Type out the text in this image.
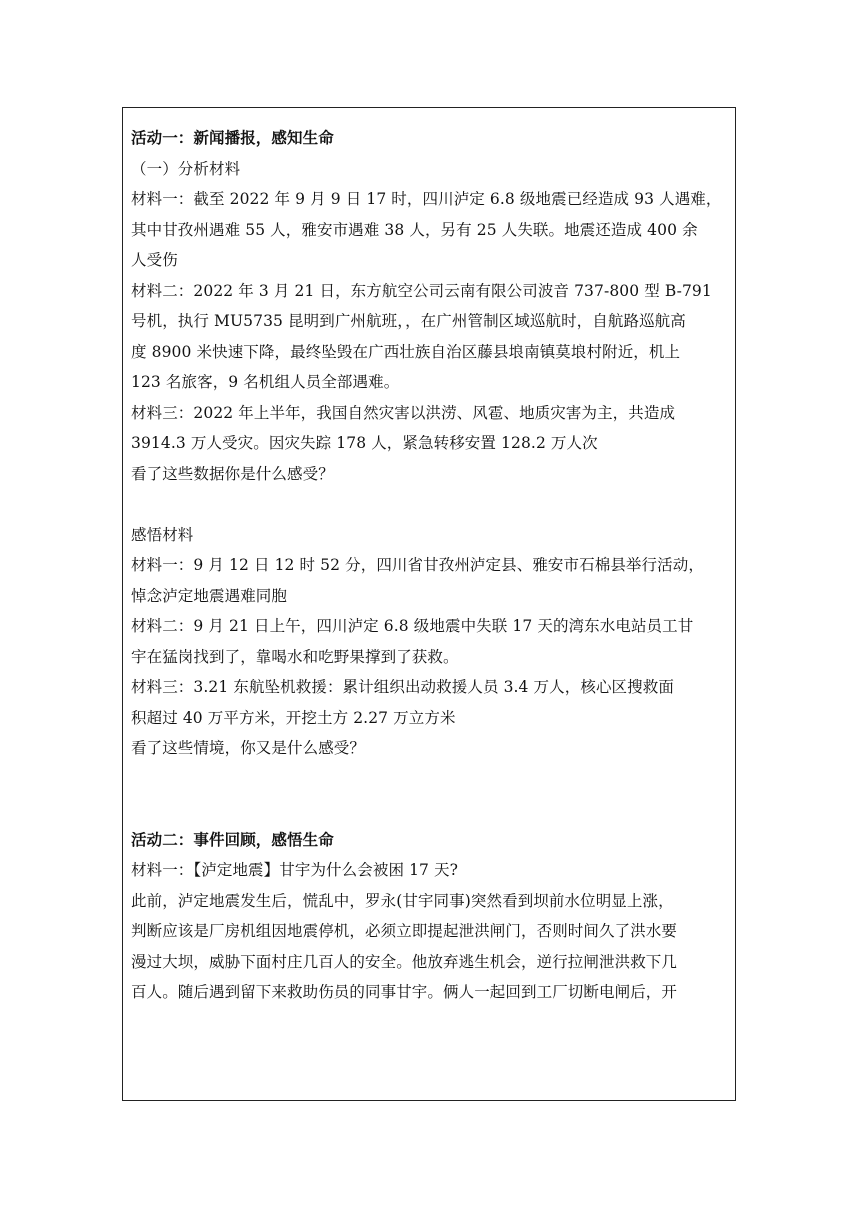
活动一：新闻播报，感知生命
（一）分析材料
材料一：截至 2022 年 9 月 9 日 17 时，四川泸定 6.8 级地震已经造成 93 人遇难，
其中甘孜州遇难 55 人，雅安市遇难 38 人，另有 25 人失联。地震还造成 400 余
人受伤
材料二：2022 年 3 月 21 日，东方航空公司云南有限公司波音 737-800 型 B-791
号机，执行 MU5735 昆明到广州航班，，在广州管制区域巡航时，自航路巡航高
度 8900 米快速下降，最终坠毁在广西壮族自治区藤县埌南镇莫埌村附近，机上
123 名旅客，9 名机组人员全部遇难。
材料三：2022 年上半年，我国自然灾害以洪涝、风雹、地质灾害为主，共造成
3914.3 万人受灾。因灾失踪 178 人，紧急转移安置 128.2 万人次
看了这些数据你是什么感受？
感悟材料
材料一：9 月 12 日 12 时 52 分，四川省甘孜州泸定县、雅安市石棉县举行活动，
悼念泸定地震遇难同胞
材料二：9 月 21 日上午，四川泸定 6.8 级地震中失联 17 天的湾东水电站员工甘
宇在猛岗找到了，靠喝水和吃野果撑到了获救。
材料三：3.21 东航坠机救援：累计组织出动救援人员 3.4 万人，核心区搜救面
积超过 40 万平方米，开挖土方 2.27 万立方米
看了这些情境，你又是什么感受？
活动二：事件回顾，感悟生命
材料一：【泸定地震】甘宇为什么会被困 17 天?
此前，泸定地震发生后，慌乱中，罗永(甘宇同事)突然看到坝前水位明显上涨，
判断应该是厂房机组因地震停机，必须立即提起泄洪闸门，否则时间久了洪水要
漫过大坝，威胁下面村庄几百人的安全。他放弃逃生机会，逆行拉闸泄洪救下几
百人。随后遇到留下来救助伤员的同事甘宇。俩人一起回到工厂切断电闸后，开
